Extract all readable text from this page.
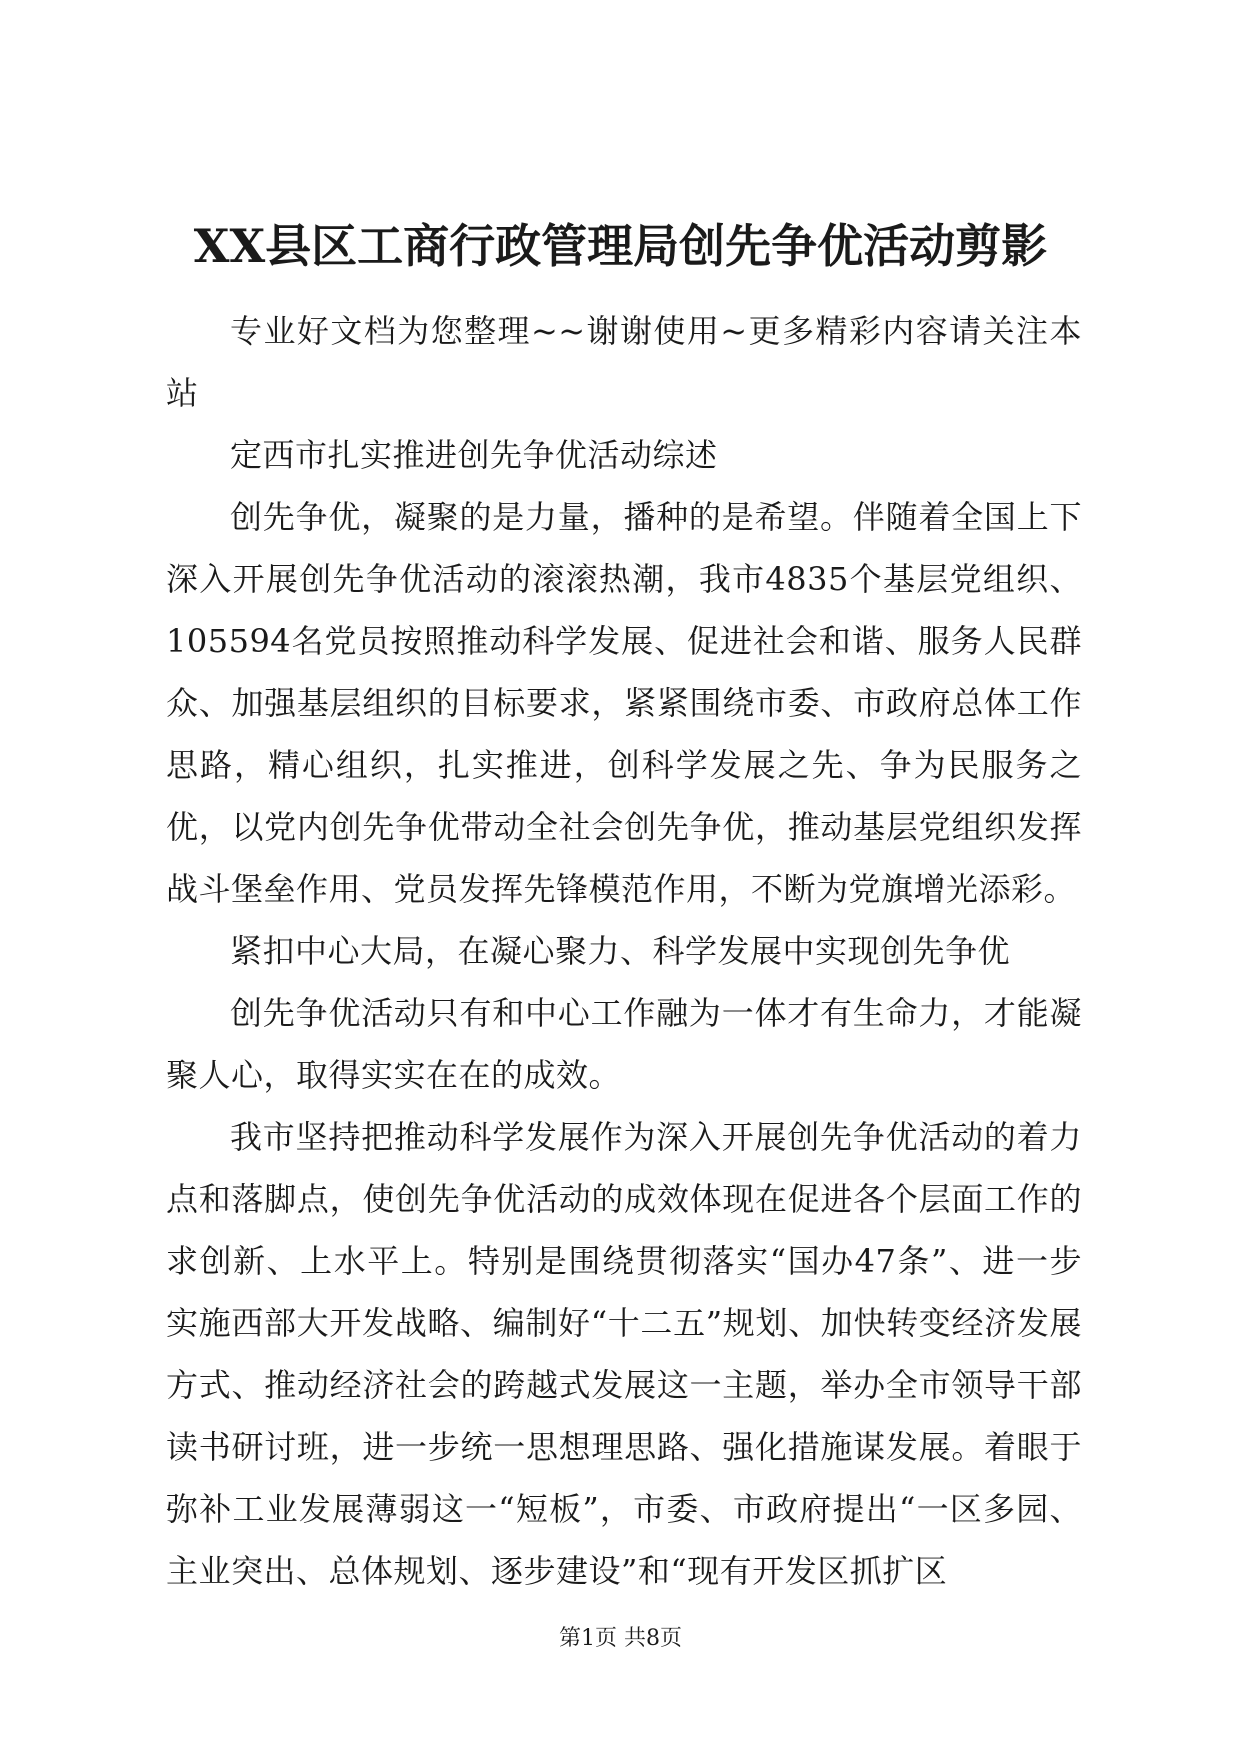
XX县区工商行政管理局创先争优活动剪影

专业好文档为您整理~~谢谢使用~更多精彩内容请关注本站

定西市扎实推进创先争优活动综述

创先争优，凝聚的是力量，播种的是希望。伴随着全国上下深入开展创先争优活动的滚滚热潮，我市4835个基层党组织、105594名党员按照推动科学发展、促进社会和谐、服务人民群众、加强基层组织的目标要求，紧紧围绕市委、市政府总体工作思路，精心组织，扎实推进，创科学发展之先、争为民服务之优，以党内创先争优带动全社会创先争优，推动基层党组织发挥战斗堡垒作用、党员发挥先锋模范作用，不断为党旗增光添彩。

紧扣中心大局，在凝心聚力、科学发展中实现创先争优

创先争优活动只有和中心工作融为一体才有生命力，才能凝聚人心，取得实实在在的成效。

我市坚持把推动科学发展作为深入开展创先争优活动的着力点和落脚点，使创先争优活动的成效体现在促进各个层面工作的求创新、上水平上。特别是围绕贯彻落实“国办47条”、进一步实施西部大开发战略、编制好“十二五”规划、加快转变经济发展方式、推动经济社会的跨越式发展这一主题，举办全市领导干部读书研讨班，进一步统一思想理思路、强化措施谋发展。着眼于弥补工业发展薄弱这一“短板”，市委、市政府提出“一区多园、主业突出、总体规划、逐步建设”和“现有开发区抓扩区

第1页 共8页
